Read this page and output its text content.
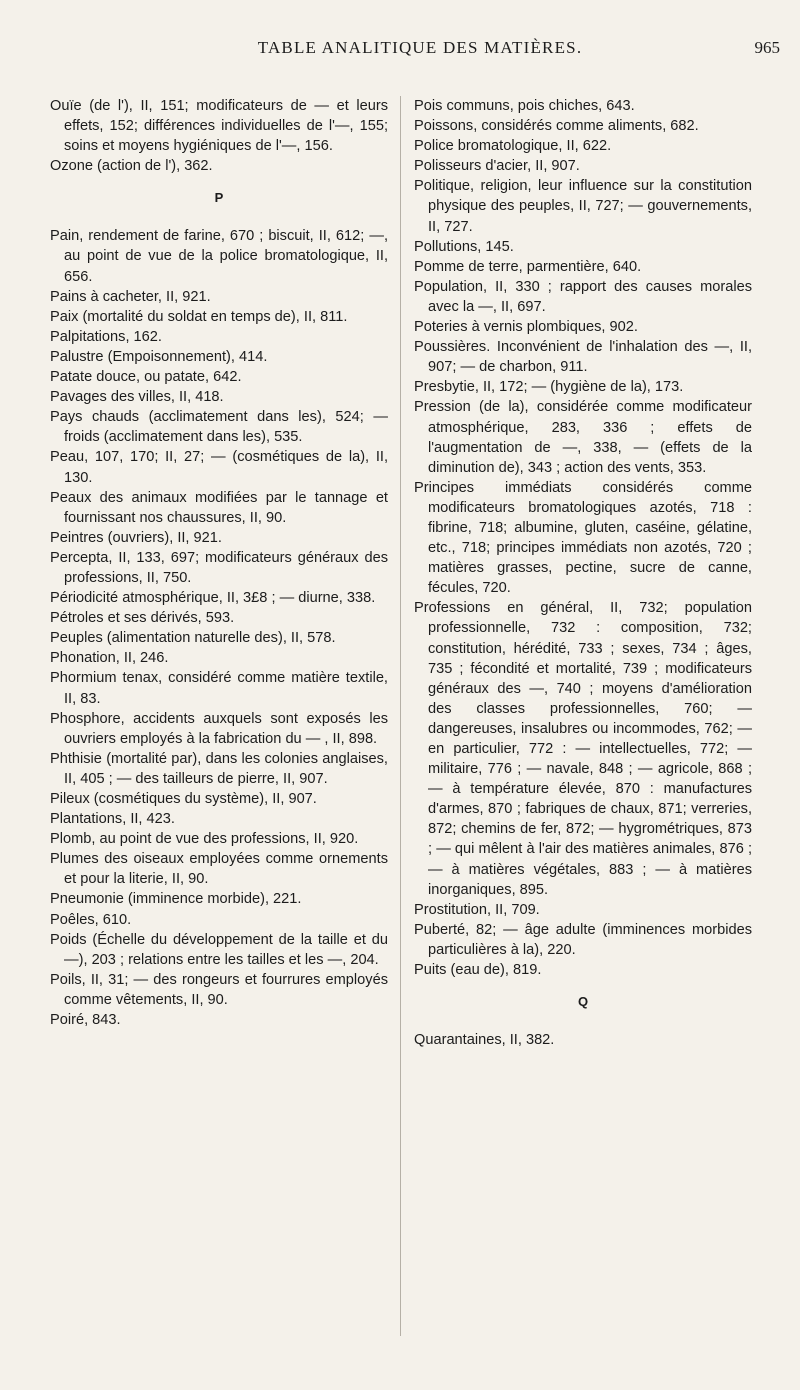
TABLE ANALITIQUE DES MATIÈRES.	965

Ouïe (de l'), II, 151; modificateurs de — et leurs effets, 152; différences individuelles de l'—, 155; soins et moyens hygiéniques de l'—, 156.

Ozone (action de l'), 362.

P

Pain, rendement de farine, 670 ; biscuit, II, 612; —, au point de vue de la police bromatologique, II, 656.

Pains à cacheter, II, 921.

Paix (mortalité du soldat en temps de), II, 811.

Palpitations, 162.

Palustre (Empoisonnement), 414.

Patate douce, ou patate, 642.

Pavages des villes, II, 418.

Pays chauds (acclimatement dans les), 524; — froids (acclimatement dans les), 535.

Peau, 107, 170; II, 27; — (cosmétiques de la), II, 130.

Peaux des animaux modifiées par le tannage et fournissant nos chaussures, II, 90.

Peintres (ouvriers), II, 921.

Percepta, II, 133, 697; modificateurs généraux des professions, II, 750.

Périodicité atmosphérique, II, 3£8 ; — diurne, 338.

Pétroles et ses dérivés, 593.

Peuples (alimentation naturelle des), II, 578.

Phonation, II, 246.

Phormium tenax, considéré comme matière textile, II, 83.

Phosphore, accidents auxquels sont exposés les ouvriers employés à la fabrication du — , II, 898.

Phthisie (mortalité par), dans les colonies anglaises, II, 405 ; — des tailleurs de pierre, II, 907.

Pileux (cosmétiques du système), II, 907.

Plantations, II, 423.

Plomb, au point de vue des professions, II, 920.

Plumes des oiseaux employées comme ornements et pour la literie, II, 90.

Pneumonie (imminence morbide), 221.

Poêles, 610.

Poids (Échelle du développement de la taille et du —), 203 ; relations entre les tailles et les —, 204.

Poils, II, 31; — des rongeurs et fourrures employés comme vêtements, II, 90.

Poiré, 843.

Pois communs, pois chiches, 643.

Poissons, considérés comme aliments, 682.

Police bromatologique, II, 622.

Polisseurs d'acier, II, 907.

Politique, religion, leur influence sur la constitution physique des peuples, II, 727; — gouvernements, II, 727.

Pollutions, 145.

Pomme de terre, parmentière, 640.

Population, II, 330 ; rapport des causes morales avec la —, II, 697.

Poteries à vernis plombiques, 902.

Poussières. Inconvénient de l'inhalation des —, II, 907; — de charbon, 911.

Presbytie, II, 172; — (hygiène de la), 173.

Pression (de la), considérée comme modificateur atmosphérique, 283, 336 ; effets de l'augmentation de —, 338, — (effets de la diminution de), 343 ; action des vents, 353.

Principes immédiats considérés comme modificateurs bromatologiques azotés, 718 : fibrine, 718; albumine, gluten, caséine, gélatine, etc., 718; principes immédiats non azotés, 720 ; matières grasses, pectine, sucre de canne, fécules, 720.

Professions en général, II, 732; population professionnelle, 732 : composition, 732; constitution, hérédité, 733 ; sexes, 734 ; âges, 735 ; fécondité et mortalité, 739 ; modificateurs généraux des —, 740 ; moyens d'amélioration des classes professionnelles, 760; — dangereuses, insalubres ou incommodes, 762; — en particulier, 772 : — intellectuelles, 772; — militaire, 776 ; — navale, 848 ; — agricole, 868 ; — à température élevée, 870 : manufactures d'armes, 870 ; fabriques de chaux, 871; verreries, 872; chemins de fer, 872; — hygrométriques, 873 ; — qui mêlent à l'air des matières animales, 876 ; — à matières végétales, 883 ; — à matières inorganiques, 895.

Prostitution, II, 709.

Puberté, 82; — âge adulte (imminences morbides particulières à la), 220.

Puits (eau de), 819.

Q

Quarantaines, II, 382.
